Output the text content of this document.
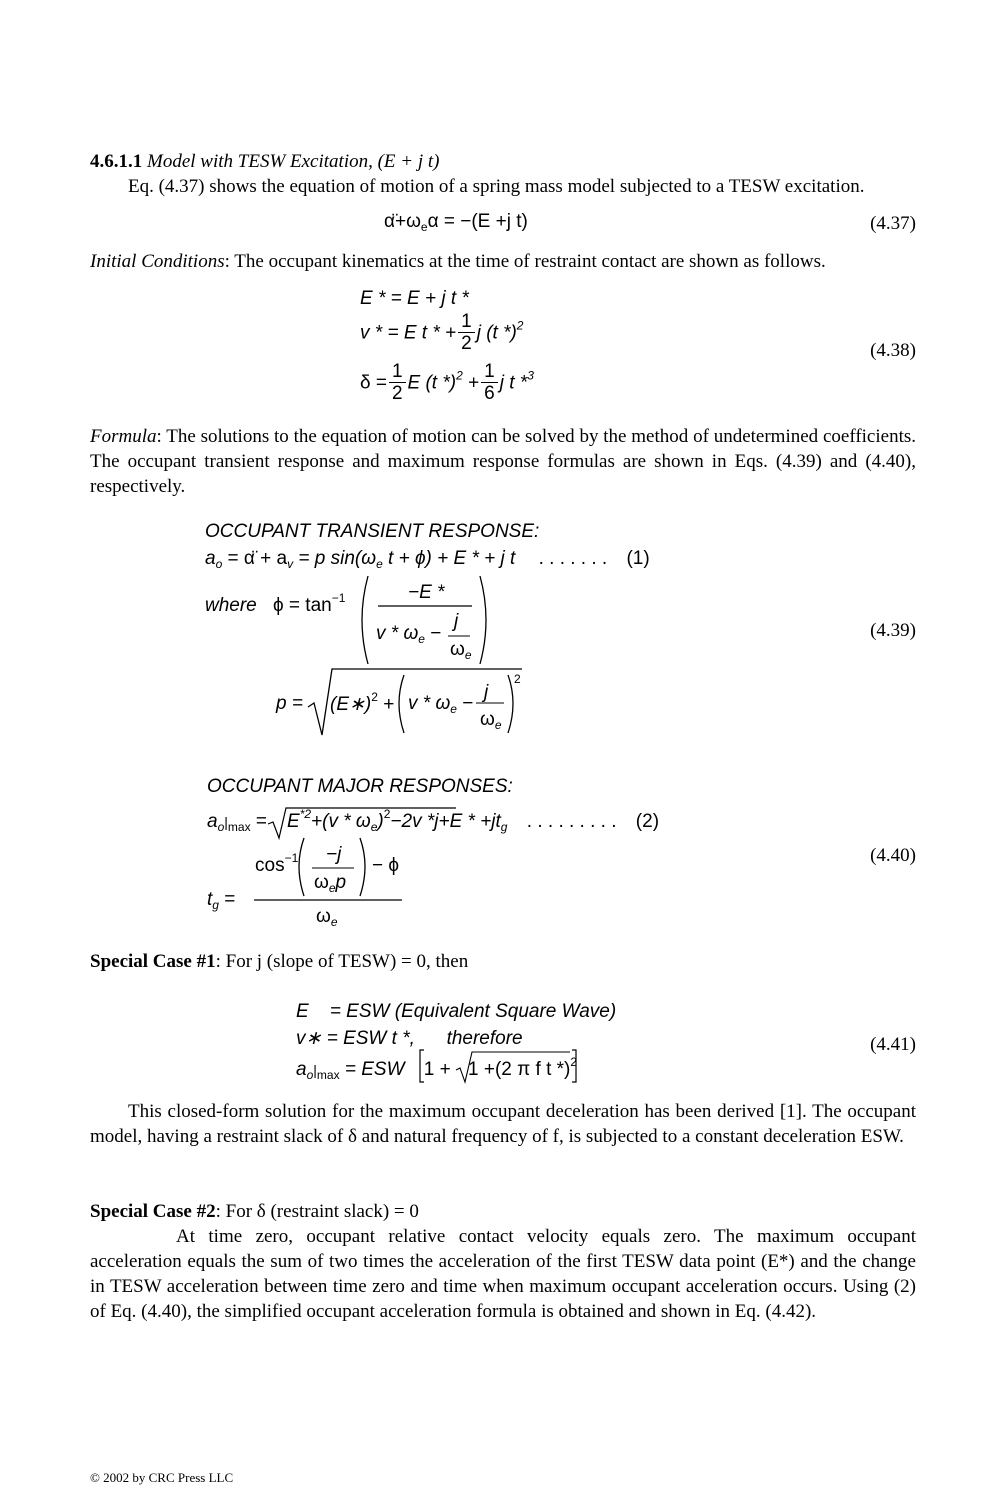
4.6.1.1 Model with TESW Excitation, (E + j t)
Eq. (4.37) shows the equation of motion of a spring mass model subjected to a TESW excitation.
$\alphä+\omega_e\alpha = -(E +j$ t)	(4.37)
Initial Conditions: The occupant kinematics at the time of restraint contact are shown as follows.
E * = E + j t *
v * = E t * + $\frac{1}{2}$ j (t *)$^2$
$\delta = \frac{1}{2}$ E (t $*)^2 + \frac{1}{6}$ j t *$^3$
(4.38)
Formula: The solutions to the equation of motion can be solved by the method of undetermined coefficients. The occupant transient response and maximum response formulas are shown in Eqs. (4.39) and (4.40), respectively.
OCCUPANT TRANSIENT RESPONSE:
$a_o$ = α̈ + $a_v = p$ $\sin(\omega_e$ t + ϕ) + E * + j t . . . . . . . (1)
where $\phi = \tan^{-1}$	−E *
v * $\omega_e$ −
j
$\omega_e$
p = (E∗)$^2$ + v * $\omega_e$ −
j
$\omega_e$
2
(4.39)
OCCUPANT MAJOR RESPONSES:
$a_o|_{max} = E^{*2}+(v * \omega_e)^2-2v$ $*j+E * +jt_g$ . . . . . . . . . (2)
$\cos^{-1} -j$
$\omega_ep$
− ϕ
$t_g$ =
$\omega_e$
(4.40)
Special Case #1: For j (slope of TESW) = 0, then
E = ESW (Equivalent Square Wave)
v∗ = ESW t *, therefore
$a_o|_{max}$ = ESW 1 + 1 +(2 π f t *)$^2$
(4.41)
This closed-form solution for the maximum occupant deceleration has been derived [1]. The occupant model, having a restraint slack of δ and natural frequency of f, is subjected to a constant deceleration ESW.
Special Case #2: For δ (restraint slack) = 0
At time zero, occupant relative contact velocity equals zero. The maximum occupant acceleration equals the sum of two times the acceleration of the first TESW data point (E*) and the change in TESW acceleration between time zero and time when maximum occupant acceleration occurs. Using (2) of Eq. (4.40), the simplified occupant acceleration formula is obtained and shown in Eq. (4.42).
© 2002 by CRC Press LLC
